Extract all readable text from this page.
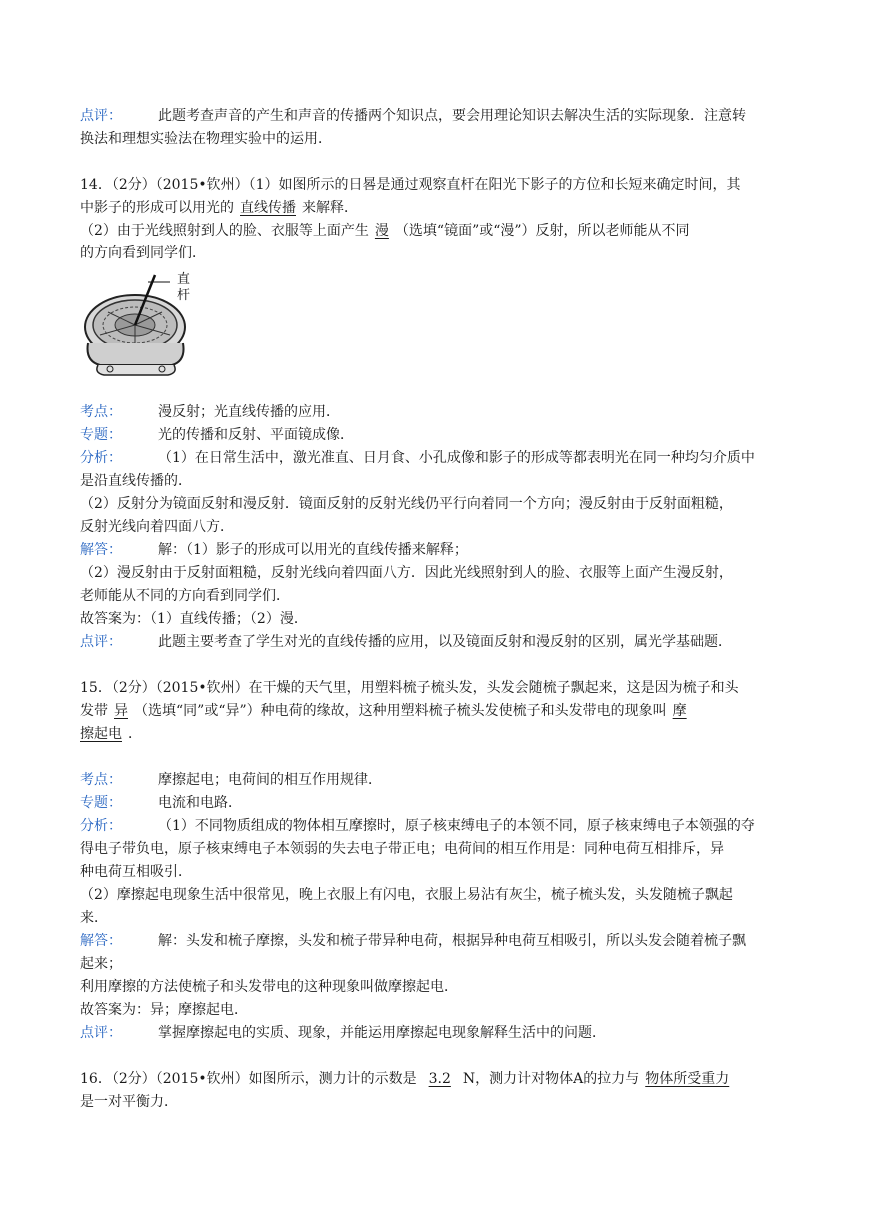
点评：	此题考查声音的产生和声音的传播两个知识点，要会用理论知识去解决生活的实际现象．注意转
换法和理想实验法在物理实验中的运用．
14．（2分）（2015•钦州）（1）如图所示的日晷是通过观察直杆在阳光下影子的方位和长短来确定时间，其
中影子的形成可以用光的 直线传播 来解释．
（2）由于光线照射到人的脸、衣服等上面产生 漫 （选填“镜面”或“漫”）反射，所以老师能从不同
的方向看到同学们．
直
杆
考点：	漫反射；光直线传播的应用．
专题：	光的传播和反射、平面镜成像．
分析：	（1）在日常生活中，激光准直、日月食、小孔成像和影子的形成等都表明光在同一种均匀介质中
是沿直线传播的．
（2）反射分为镜面反射和漫反射．镜面反射的反射光线仍平行向着同一个方向；漫反射由于反射面粗糙，
反射光线向着四面八方．
解答：	解：（1）影子的形成可以用光的直线传播来解释；
（2）漫反射由于反射面粗糙，反射光线向着四面八方．因此光线照射到人的脸、衣服等上面产生漫反射，
老师能从不同的方向看到同学们．
故答案为：（1）直线传播；（2）漫．
点评：	此题主要考查了学生对光的直线传播的应用，以及镜面反射和漫反射的区别，属光学基础题．
15．（2分）（2015•钦州）在干燥的天气里，用塑料梳子梳头发，头发会随梳子飘起来，这是因为梳子和头
发带 异 （选填“同”或“异”）种电荷的缘故，这种用塑料梳子梳头发使梳子和头发带电的现象叫 摩
擦起电 ．
考点：	摩擦起电；电荷间的相互作用规律．
专题：	电流和电路．
分析：	（1）不同物质组成的物体相互摩擦时，原子核束缚电子的本领不同，原子核束缚电子本领强的夺
得电子带负电，原子核束缚电子本领弱的失去电子带正电；电荷间的相互作用是：同种电荷互相排斥，异
种电荷互相吸引．
（2）摩擦起电现象生活中很常见，晚上衣服上有闪电，衣服上易沾有灰尘，梳子梳头发，头发随梳子飘起
来．
解答：	解：头发和梳子摩擦，头发和梳子带异种电荷，根据异种电荷互相吸引，所以头发会随着梳子飘
起来；
利用摩擦的方法使梳子和头发带电的这种现象叫做摩擦起电．
故答案为：异；摩擦起电．
点评：	掌握摩擦起电的实质、现象，并能运用摩擦起电现象解释生活中的问题．
16．（2分）（2015•钦州）如图所示，测力计的示数是 3.2 N，测力计对物体A的拉力与 物体所受重力
是一对平衡力．
